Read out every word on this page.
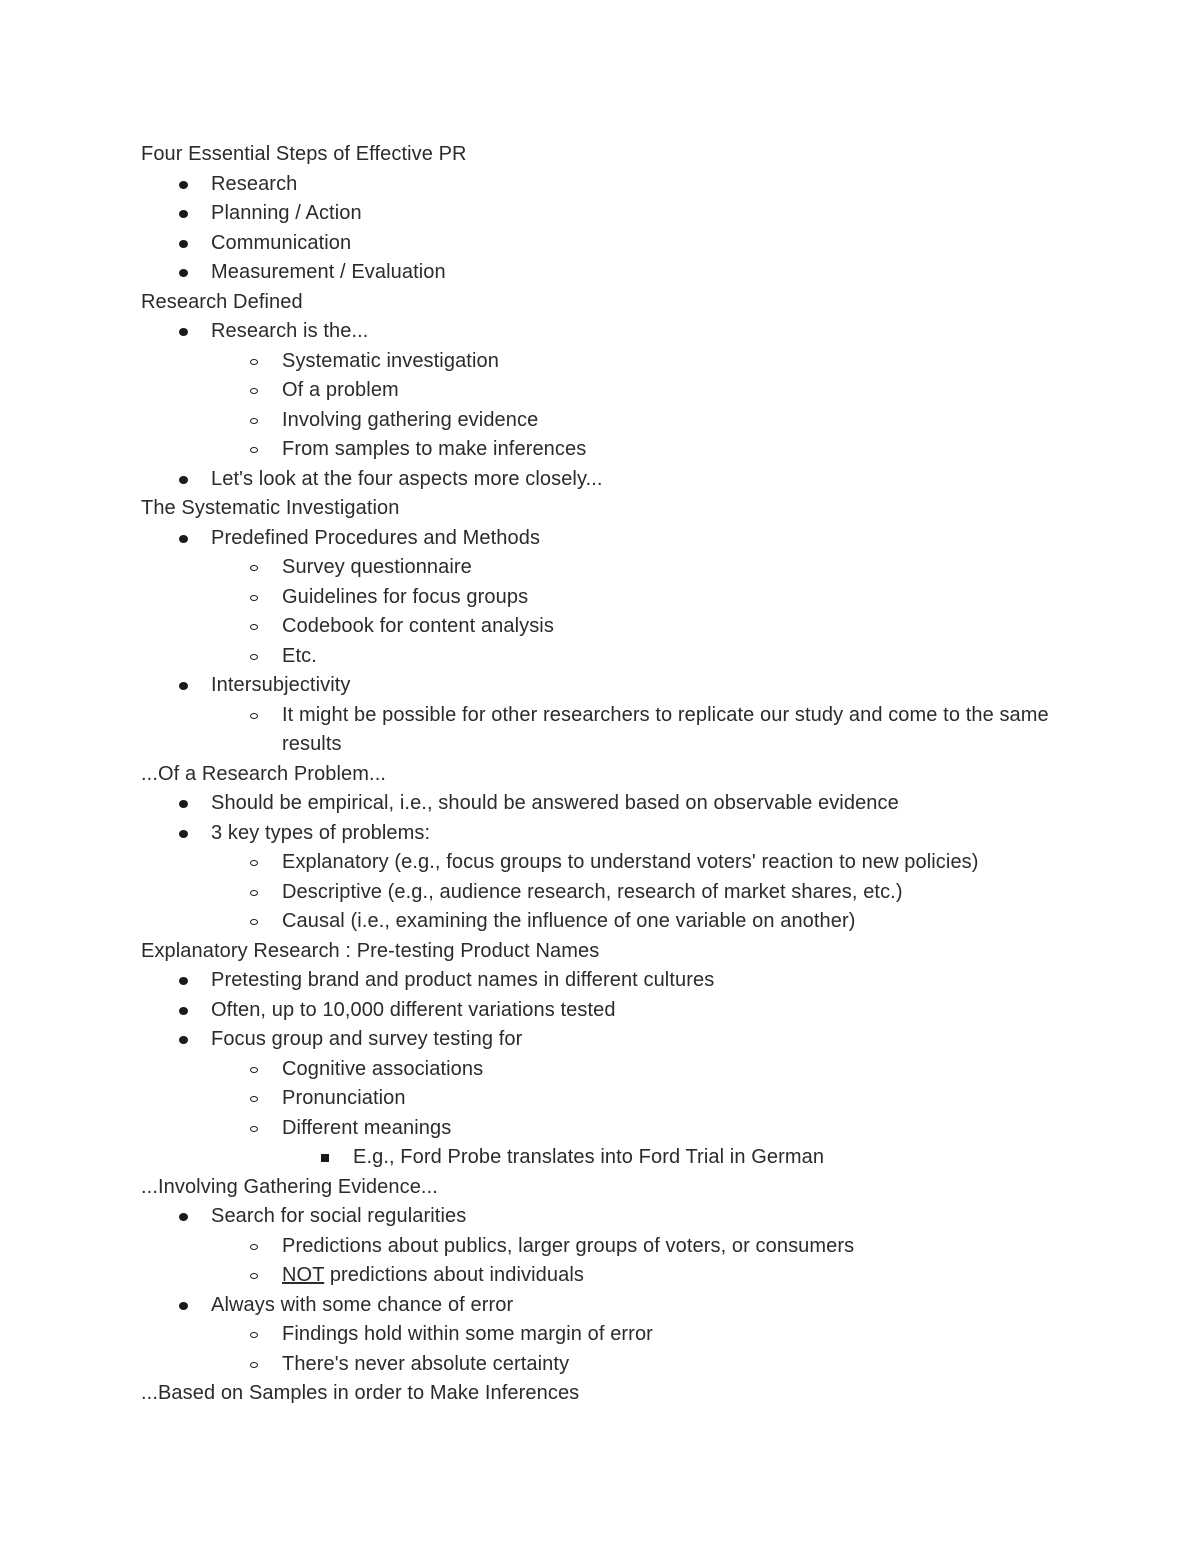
Four Essential Steps of Effective PR
Research
Planning / Action
Communication
Measurement / Evaluation
Research Defined
Research is the...
Systematic investigation
Of a problem
Involving gathering evidence
From samples to make inferences
Let's look at the four aspects more closely...
The Systematic Investigation
Predefined Procedures and Methods
Survey questionnaire
Guidelines for focus groups
Codebook for content analysis
Etc.
Intersubjectivity
It might be possible for other researchers to replicate our study and come to the same results
...Of a Research Problem...
Should be empirical, i.e., should be answered based on observable evidence
3 key types of problems:
Explanatory (e.g., focus groups to understand voters' reaction to new policies)
Descriptive (e.g., audience research, research of market shares, etc.)
Causal (i.e., examining the influence of one variable on another)
Explanatory Research : Pre-testing Product Names
Pretesting brand and product names in different cultures
Often, up to 10,000 different variations tested
Focus group and survey testing for
Cognitive associations
Pronunciation
Different meanings
E.g., Ford Probe translates into Ford Trial in German
...Involving Gathering Evidence...
Search for social regularities
Predictions about publics, larger groups of voters, or consumers
NOT predictions about individuals
Always with some chance of error
Findings hold within some margin of error
There's never absolute certainty
...Based on Samples in order to Make Inferences
